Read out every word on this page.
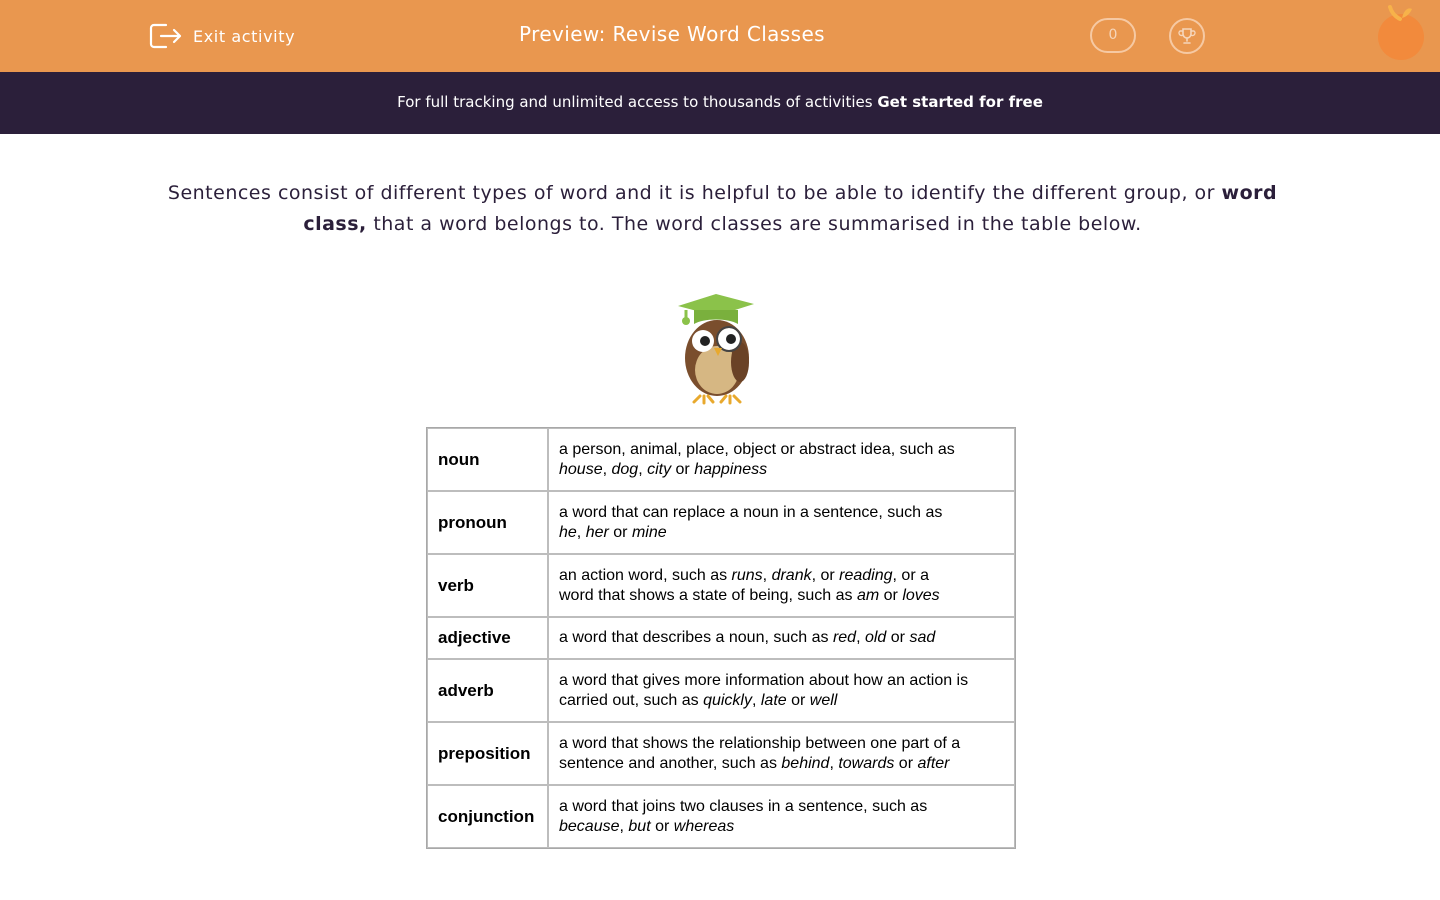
Exit activity	Preview: Revise Word Classes	0
For full tracking and unlimited access to thousands of activities Get started for free
Sentences consist of different types of word and it is helpful to be able to identify the different group, or word class, that a word belongs to. The word classes are summarised in the table below.
noun	a person, animal, place, object or abstract idea, such as
house, dog, city or happiness
pronoun	a word that can replace a noun in a sentence, such as
he, her or mine
verb	an action word, such as runs, drank, or reading, or a
word that shows a state of being, such as am or loves
adjective	a word that describes a noun, such as red, old or sad
adverb	a word that gives more information about how an action is carried out, such as quickly, late or well
preposition	a word that shows the relationship between one part of a sentence and another, such as behind, towards or after
conjunction	a word that joins two clauses in a sentence, such as
because, but or whereas
